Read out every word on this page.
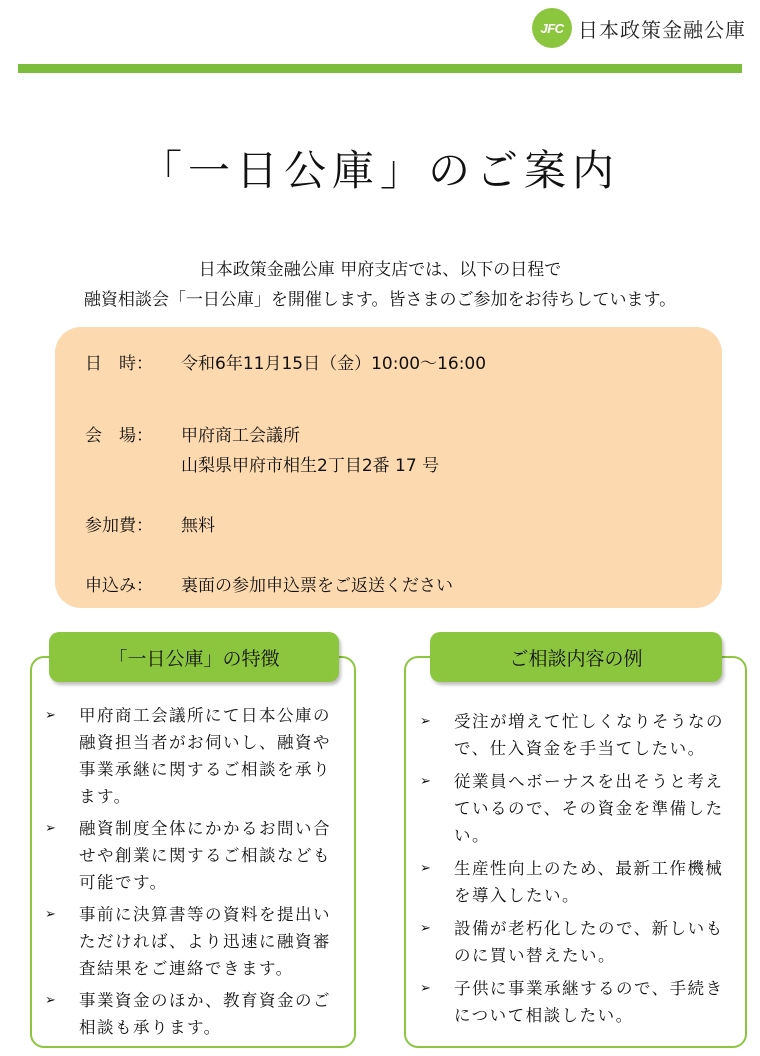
JFC 日本政策金融公庫
「一日公庫」のご案内
日本政策金融公庫 甲府支店では、以下の日程で
融資相談会「一日公庫」を開催します。皆さまのご参加をお待ちしています。
日　時： 令和6年11月15日（金）10:00〜16:00
会　場： 甲府商工会議所
山梨県甲府市相生2丁目2番 17 号
参加費： 無料
申込み： 裏面の参加申込票をご返送ください
「一日公庫」の特徴
➢ 甲府商工会議所にて日本公庫の融資担当者がお伺いし、融資や事業承継に関するご相談を承ります。
➢ 融資制度全体にかかるお問い合せや創業に関するご相談なども可能です。
➢ 事前に決算書等の資料を提出いただければ、より迅速に融資審査結果をご連絡できます。
➢ 事業資金のほか、教育資金のご相談も承ります。
ご相談内容の例
➢ 受注が増えて忙しくなりそうなので、仕入資金を手当てしたい。
➢ 従業員へボーナスを出そうと考えているので、その資金を準備したい。
➢ 生産性向上のため、最新工作機械を導入したい。
➢ 設備が老朽化したので、新しいものに買い替えたい。
➢ 子供に事業承継するので、手続きについて相談したい。
